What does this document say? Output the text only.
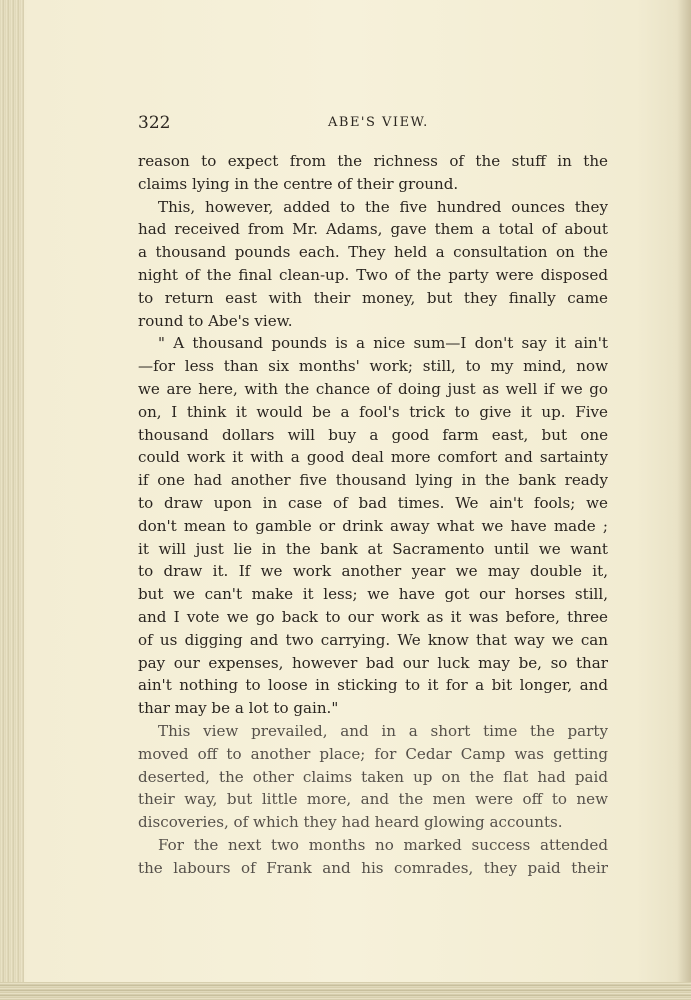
322	ABE'S VIEW.
reason to expect from the richness of the stuff in the
claims lying in the centre of their ground.
This, however, added to the five hundred ounces they
had received from Mr. Adams, gave them a total of about
a thousand pounds each. They held a consultation on the
night of the final clean-up. Two of the party were disposed
to return east with their money, but they finally came
round to Abe's view.
" A thousand pounds is a nice sum—I don't say it ain't
—for less than six months' work; still, to my mind, now
we are here, with the chance of doing just as well if we go
on, I think it would be a fool's trick to give it up. Five
thousand dollars will buy a good farm east, but one
could work it with a good deal more comfort and sartainty
if one had another five thousand lying in the bank ready
to draw upon in case of bad times. We ain't fools; we
don't mean to gamble or drink away what we have made ;
it will just lie in the bank at Sacramento until we want
to draw it. If we work another year we may double it,
but we can't make it less; we have got our horses still,
and I vote we go back to our work as it was before, three
of us digging and two carrying. We know that way we can
pay our expenses, however bad our luck may be, so thar
ain't nothing to loose in sticking to it for a bit longer, and
thar may be a lot to gain."
This view prevailed, and in a short time the party
moved off to another place; for Cedar Camp was getting
deserted, the other claims taken up on the flat had paid
their way, but little more, and the men were off to new
discoveries, of which they had heard glowing accounts.
For the next two months no marked success attended
the labours of Frank and his comrades, they paid their
